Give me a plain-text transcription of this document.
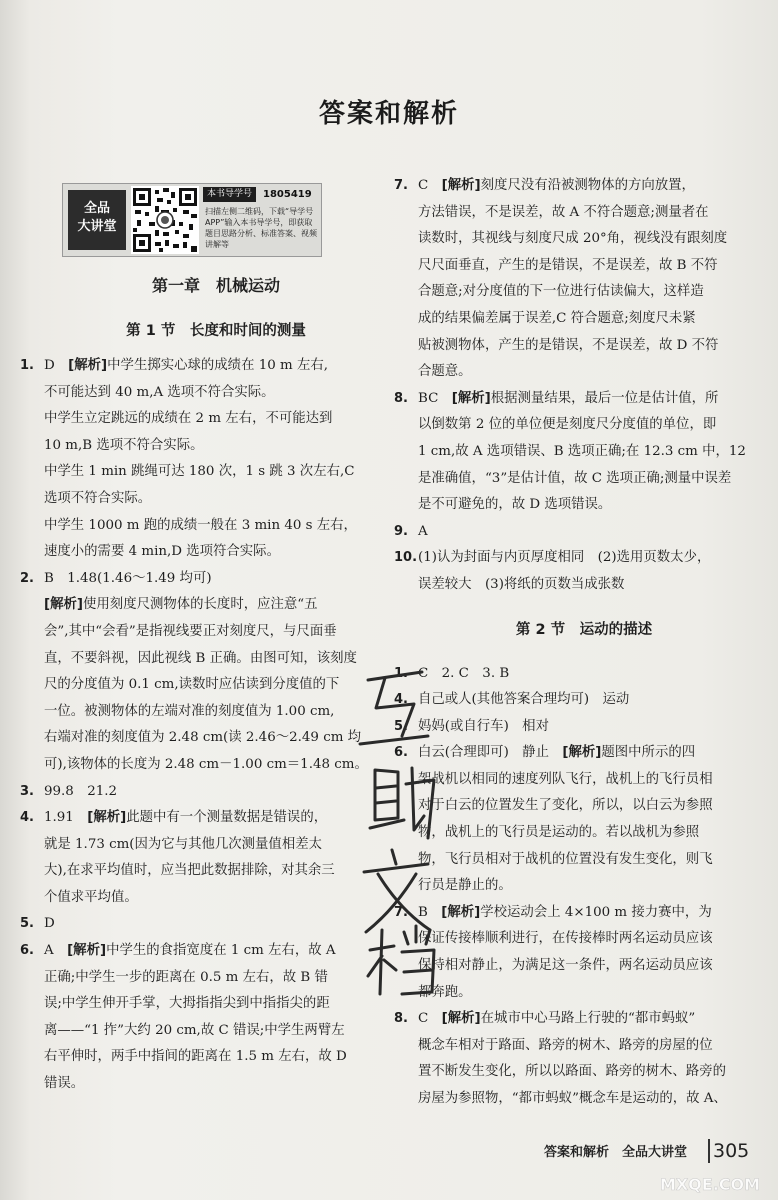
答案和解析
全品
大讲堂
本书导学号	1805419
扫描左侧二维码，下载“导学号APP”输入本书导学号，即获取题目思路分析、标准答案、视频讲解等
第一章　机械运动
第 1 节　长度和时间的测量
1. D　[解析]中学生掷实心球的成绩在 10 m 左右,
不可能达到 40 m,A 选项不符合实际。
中学生立定跳远的成绩在 2 m 左右，不可能达到
10 m,B 选项不符合实际。
中学生 1 min 跳绳可达 180 次，1 s 跳 3 次左右,C
选项不符合实际。
中学生 1000 m 跑的成绩一般在 3 min 40 s 左右，
速度小的需要 4 min,D 选项符合实际。
2. B　1.48(1.46～1.49 均可)
[解析]使用刻度尺测物体的长度时，应注意“五
会”,其中“会看”是指视线要正对刻度尺，与尺面垂
直，不要斜视，因此视线 B 正确。由图可知，该刻度
尺的分度值为 0.1 cm,读数时应估读到分度值的下
一位。被测物体的左端对准的刻度值为 1.00 cm,
右端对准的刻度值为 2.48 cm(读 2.46～2.49 cm 均
可),该物体的长度为 2.48 cm－1.00 cm＝1.48 cm。
3. 99.8　21.2
4. 1.91　[解析]此题中有一个测量数据是错误的，
就是 1.73 cm(因为它与其他几次测量值相差太
大),在求平均值时，应当把此数据排除，对其余三
个值求平均值。
5. D
6. A　[解析]中学生的食指宽度在 1 cm 左右，故 A
正确;中学生一步的距离在 0.5 m 左右，故 B 错
误;中学生伸开手掌，大拇指指尖到中指指尖的距
离——“1 拃”大约 20 cm,故 C 错误;中学生两臂左
右平伸时，两手中指间的距离在 1.5 m 左右，故 D
错误。
7. C　[解析]刻度尺没有沿被测物体的方向放置，
方法错误，不是误差，故 A 不符合题意;测量者在
读数时，其视线与刻度尺成 20°角，视线没有跟刻度
尺尺面垂直，产生的是错误，不是误差，故 B 不符
合题意;对分度值的下一位进行估读偏大，这样造
成的结果偏差属于误差,C 符合题意;刻度尺未紧
贴被测物体，产生的是错误，不是误差，故 D 不符
合题意。
8. BC　[解析]根据测量结果，最后一位是估计值，所
以倒数第 2 位的单位便是刻度尺分度值的单位，即
1 cm,故 A 选项错误、B 选项正确;在 12.3 cm 中，12
是准确值，“3”是估计值，故 C 选项正确;测量中误差
是不可避免的，故 D 选项错误。
9. A
10. (1)认为封面与内页厚度相同　(2)选用页数太少，
误差较大　(3)将纸的页数当成张数
第 2 节　运动的描述
1. C　2. C　3. B
4. 自己或人(其他答案合理均可)　运动
5. 妈妈(或自行车)　相对
6. 白云(合理即可)　静止　[解析]题图中所示的四
架战机以相同的速度列队飞行，战机上的飞行员相
对于白云的位置发生了变化，所以，以白云为参照
物，战机上的飞行员是运动的。若以战机为参照
物，飞行员相对于战机的位置没有发生变化，则飞
行员是静止的。
7. B　[解析]学校运动会上 4×100 m 接力赛中，为
保证传接棒顺利进行，在传接棒时两名运动员应该
保持相对静止，为满足这一条件，两名运动员应该
都奔跑。
8. C　[解析]在城市中心马路上行驶的“都市蚂蚁”
概念车相对于路面、路旁的树木、路旁的房屋的位
置不断发生变化，所以以路面、路旁的树木、路旁的
房屋为参照物，“都市蚂蚁”概念车是运动的，故 A、
答案和解析 全品大讲堂 305
MXQE.COM
